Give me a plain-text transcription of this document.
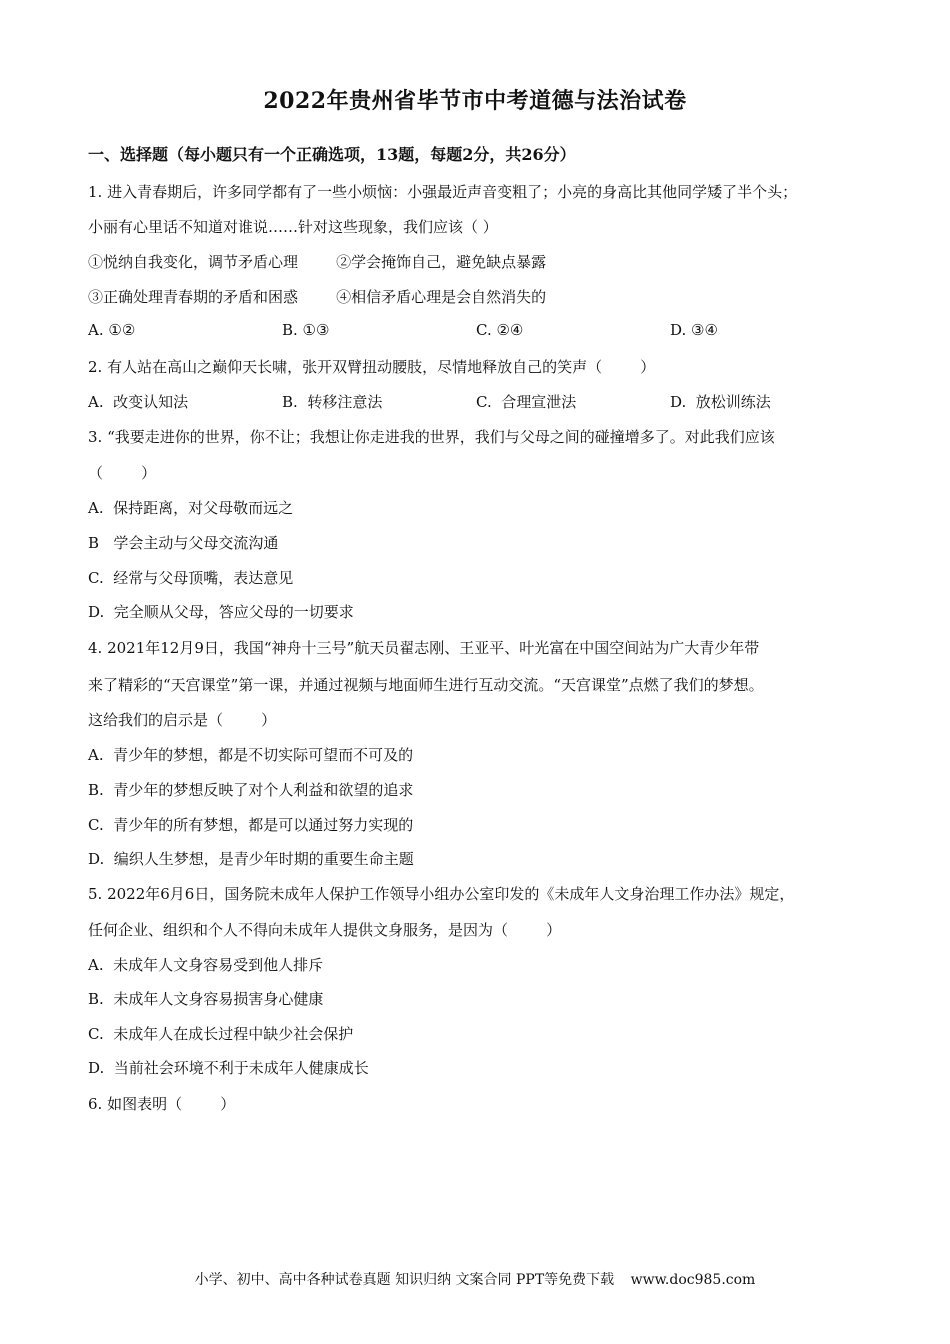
2022年贵州省毕节市中考道德与法治试卷
一、选择题（每小题只有一个正确选项，13题，每题2分，共26分）
1. 进入青春期后，许多同学都有了一些小烦恼：小强最近声音变粗了；小亮的身高比其他同学矮了半个头；
小丽有心里话不知道对谁说……针对这些现象，我们应该（ ）
①悦纳自我变化，调节矛盾心理        ②学会掩饰自己，避免缺点暴露
③正确处理青春期的矛盾和困惑        ④相信矛盾心理是会自然消失的
A. ①②	B. ①③	C. ②④	D. ③④
2. 有人站在高山之巅仰天长啸，张开双臂扭动腰肢，尽情地释放自己的笑声（        ）
A.  改变认知法	B.  转移注意法	C.  合理宣泄法	D.  放松训练法
3. “我要走进你的世界，你不让；我想让你走进我的世界，我们与父母之间的碰撞增多了。对此我们应该
（        ）
A.  保持距离，对父母敬而远之
B   学会主动与父母交流沟通
C.  经常与父母顶嘴，表达意见
D.  完全顺从父母，答应父母的一切要求
4. 2021年12月9日，我国“神舟十三号”航天员翟志刚、王亚平、叶光富在中国空间站为广大青少年带
来了精彩的“天宫课堂”第一课，并通过视频与地面师生进行互动交流。“天宫课堂”点燃了我们的梦想。
这给我们的启示是（        ）
A.  青少年的梦想，都是不切实际可望而不可及的
B.  青少年的梦想反映了对个人利益和欲望的追求
C.  青少年的所有梦想，都是可以通过努力实现的
D.  编织人生梦想，是青少年时期的重要生命主题
5. 2022年6月6日，国务院未成年人保护工作领导小组办公室印发的《未成年人文身治理工作办法》规定，
任何企业、组织和个人不得向未成年人提供文身服务，是因为（        ）
A.  未成年人文身容易受到他人排斥
B.  未成年人文身容易损害身心健康
C.  未成年人在成长过程中缺少社会保护
D.  当前社会环境不利于未成年人健康成长
6. 如图表明（        ）
小学、初中、高中各种试卷真题 知识归纳 文案合同 PPT等免费下载 www.doc985.com
